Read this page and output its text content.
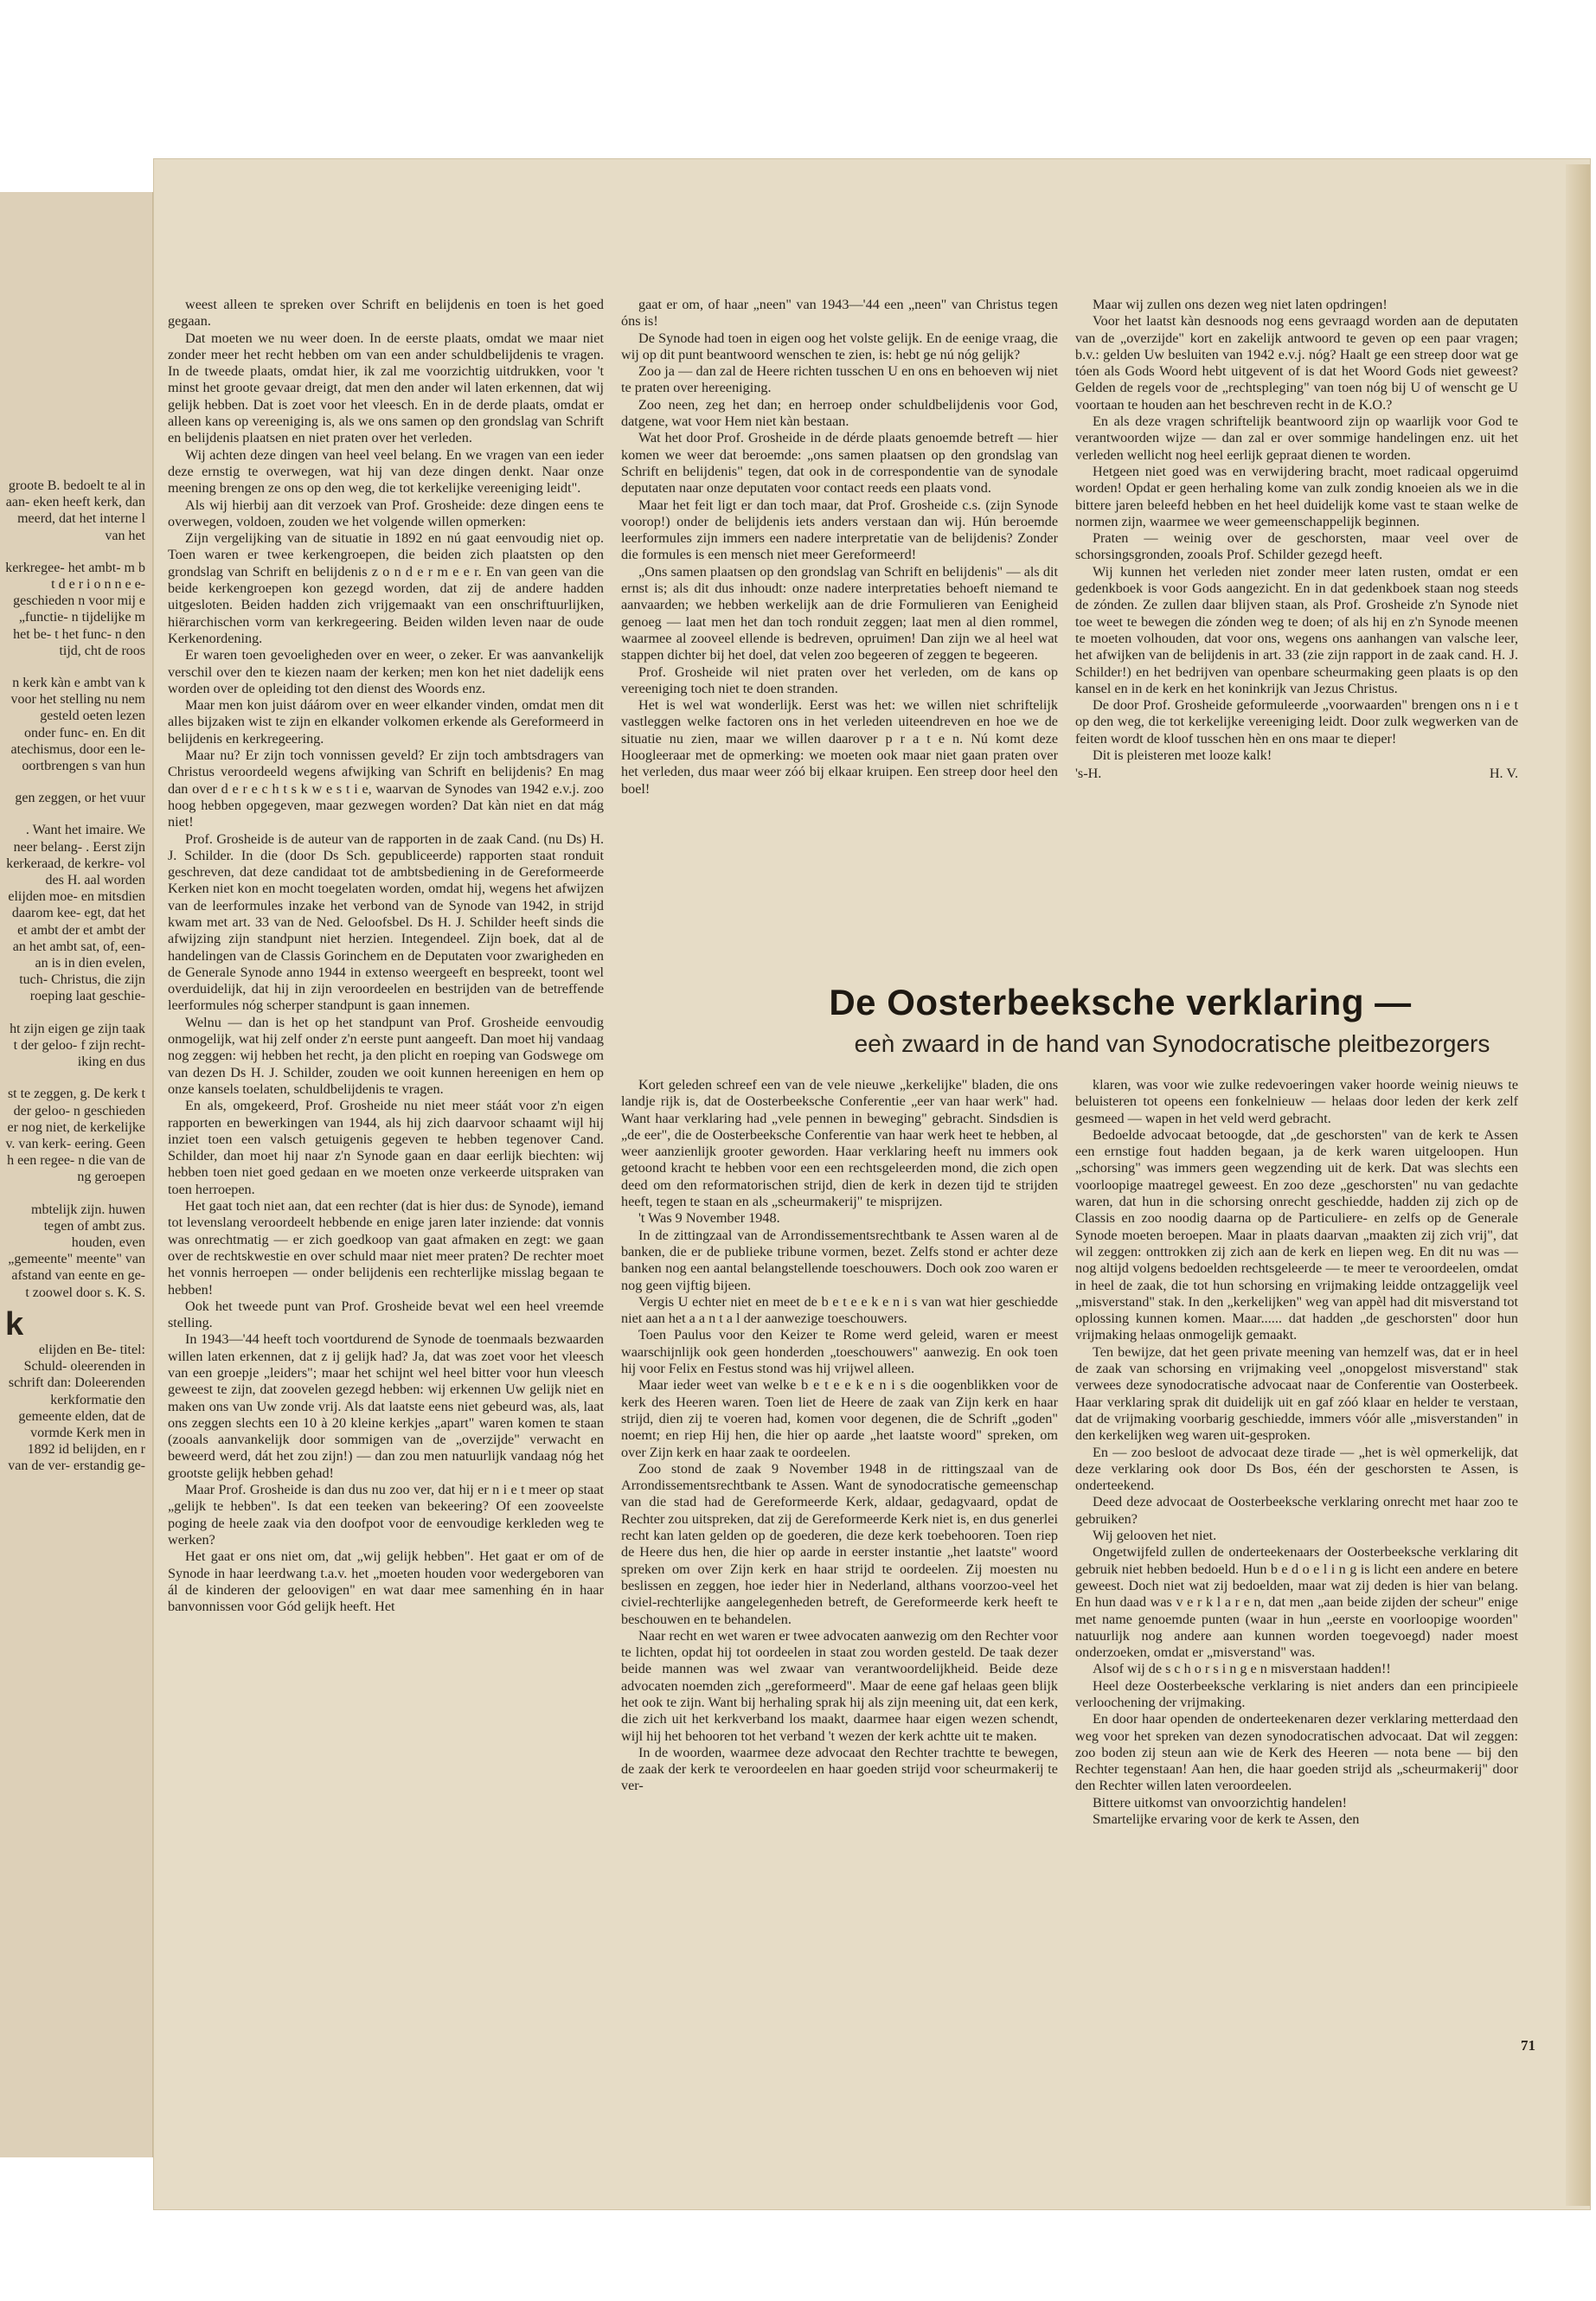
groote B. bedoelt te al in aan- eken heeft kerk, dan meerd, dat het interne l van het

kerkregee- het ambt- m b t d e r i o n n e e- geschieden n voor mij e „functie- n tijdelijke m het be- t het func- n den tijd, cht de roos

n kerk kàn e ambt van k voor het stelling nu nem gesteld oeten lezen onder func- en. En dit atechismus, door een le- oortbrengen s van hun

gen zeggen, or het vuur

. Want het imaire. We neer belang- . Eerst zijn kerkeraad, de kerkre- vol des H. aal worden elijden moe- en mitsdien daarom kee- egt, dat het et ambt der et ambt der an het ambt sat, of, een- an is in dien evelen, tuch- Christus, die zijn roeping laat geschie-

ht zijn eigen ge zijn taak t der geloo- f zijn recht- iking en dus

st te zeggen, g. De kerk t der geloo- n geschieden er nog niet, de kerkelijke v. van kerk- eering. Geen h een regee- n die van de ng geroepen

mbtelijk zijn. huwen tegen of ambt zus. houden, even „gemeente" meente" van afstand van eente en ge- t zoowel door s. K. S.

k

elijden en Be- titel: Schuld- oleerenden in schrift dan: Doleerenden kerkformatie den gemeente elden, dat de vormde Kerk men in 1892 id belijden, en r van de ver- erstandig ge-

weest alleen te spreken over Schrift en belijdenis en toen is het goed gegaan.

Dat moeten we nu weer doen. In de eerste plaats, omdat we maar niet zonder meer het recht hebben om van een ander schuldbelijdenis te vragen. In de tweede plaats, omdat hier, ik zal me voorzichtig uitdrukken, voor 't minst het groote gevaar dreigt, dat men den ander wil laten erkennen, dat wij gelijk hebben. Dat is zoet voor het vleesch. En in de derde plaats, omdat er alleen kans op vereeniging is, als we ons samen op den grondslag van Schrift en belijdenis plaatsen en niet praten over het verleden.

Wij achten deze dingen van heel veel belang. En we vragen van een ieder deze ernstig te overwegen, wat hij van deze dingen denkt. Naar onze meening brengen ze ons op den weg, die tot kerkelijke vereeniging leidt".

Als wij hierbij aan dit verzoek van Prof. Grosheide: deze dingen eens te overwegen, voldoen, zouden we het volgende willen opmerken:

Zijn vergelijking van de situatie in 1892 en nú gaat eenvoudig niet op. Toen waren er twee kerkengroepen, die beiden zich plaatsten op den grondslag van Schrift en belijdenis z o n d e r m e e r. En van geen van die beide kerkengroepen kon gezegd worden, dat zij de andere hadden uitgesloten. Beiden hadden zich vrijgemaakt van een onschriftuurlijken, hiërarchischen vorm van kerkregeering. Beiden wilden leven naar de oude Kerkenordening.

Er waren toen gevoeligheden over en weer, o zeker. Er was aanvankelijk verschil over den te kiezen naam der kerken; men kon het niet dadelijk eens worden over de opleiding tot den dienst des Woords enz.

Maar men kon juist dáárom over en weer elkander vinden, omdat men dit alles bijzaken wist te zijn en elkander volkomen erkende als Gereformeerd in belijdenis en kerkregeering.

Maar nu? Er zijn toch vonnissen geveld? Er zijn toch ambtsdragers van Christus veroordeeld wegens afwijking van Schrift en belijdenis? En mag dan over d e r e c h t s k w e s t i e, waarvan de Synodes van 1942 e.v.j. zoo hoog hebben opgegeven, maar gezwegen worden? Dat kàn niet en dat mág niet!

Prof. Grosheide is de auteur van de rapporten in de zaak Cand. (nu Ds) H. J. Schilder. In die (door Ds Sch. gepubliceerde) rapporten staat ronduit geschreven, dat deze candidaat tot de ambtsbediening in de Gereformeerde Kerken niet kon en mocht toegelaten worden, omdat hij, wegens het afwijzen van de leerformules inzake het verbond van de Synode van 1942, in strijd kwam met art. 33 van de Ned. Geloofsbel. Ds H. J. Schilder heeft sinds die afwijzing zijn standpunt niet herzien. Integendeel. Zijn boek, dat al de handelingen van de Classis Gorinchem en de Deputaten voor zwarigheden en de Generale Synode anno 1944 in extenso weergeeft en bespreekt, toont wel overduidelijk, dat hij in zijn veroordeelen en bestrijden van de betreffende leerformules nóg scherper standpunt is gaan innemen.

Welnu — dan is het op het standpunt van Prof. Grosheide eenvoudig onmogelijk, wat hij zelf onder z'n eerste punt aangeeft. Dan moet hij vandaag nog zeggen: wij hebben het recht, ja den plicht en roeping van Godswege om van dezen Ds H. J. Schilder, zouden we ooit kunnen hereenigen en hem op onze kansels toelaten, schuldbelijdenis te vragen.

En als, omgekeerd, Prof. Grosheide nu niet meer stáát voor z'n eigen rapporten en bewerkingen van 1944, als hij zich daarvoor schaamt wijl hij inziet toen een valsch getuigenis gegeven te hebben tegenover Cand. Schilder, dan moet hij naar z'n Synode gaan en daar eerlijk biechten: wij hebben toen niet goed gedaan en we moeten onze verkeerde uitspraken van toen herroepen.

Het gaat toch niet aan, dat een rechter (dat is hier dus: de Synode), iemand tot levenslang veroordeelt hebbende en enige jaren later inziende: dat vonnis was onrechtmatig — er zich goedkoop van gaat afmaken en zegt: we gaan over de rechtskwestie en over schuld maar niet meer praten? De rechter moet het vonnis herroepen — onder belijdenis een rechterlijke misslag begaan te hebben!

Ook het tweede punt van Prof. Grosheide bevat wel een heel vreemde stelling.

In 1943—'44 heeft toch voortdurend de Synode de toenmaals bezwaarden willen laten erkennen, dat z ij gelijk had? Ja, dat was zoet voor het vleesch van een groepje „leiders"; maar het schijnt wel heel bitter voor hun vleesch geweest te zijn, dat zoovelen gezegd hebben: wij erkennen Uw gelijk niet en maken ons van Uw zonde vrij. Als dat laatste eens niet gebeurd was, als, laat ons zeggen slechts een 10 à 20 kleine kerkjes „apart" waren komen te staan (zooals aanvankelijk door sommigen van de „overzijde" verwacht en beweerd werd, dát het zou zijn!) — dan zou men natuurlijk vandaag nóg het grootste gelijk hebben gehad!

Maar Prof. Grosheide is dan dus nu zoo ver, dat hij er n i e t meer op staat „gelijk te hebben". Is dat een teeken van bekeering? Of een zooveelste poging de heele zaak via den doofpot voor de eenvoudige kerkleden weg te werken?

Het gaat er ons niet om, dat „wij gelijk hebben". Het gaat er om of de Synode in haar leerdwang t.a.v. het „moeten houden voor wedergeboren van ál de kinderen der geloovigen" en wat daar mee samenhing én in haar banvonnissen voor Gód gelijk heeft. Het

gaat er om, of haar „neen" van 1943—'44 een „neen" van Christus tegen óns is!

De Synode had toen in eigen oog het volste gelijk. En de eenige vraag, die wij op dit punt beantwoord wenschen te zien, is: hebt ge nú nóg gelijk?

Zoo ja — dan zal de Heere richten tusschen U en ons en behoeven wij niet te praten over hereeniging.

Zoo neen, zeg het dan; en herroep onder schuldbelijdenis voor God, datgene, wat voor Hem niet kàn bestaan.

Wat het door Prof. Grosheide in de dérde plaats genoemde betreft — hier komen we weer dat beroemde: „ons samen plaatsen op den grondslag van Schrift en belijdenis" tegen, dat ook in de correspondentie van de synodale deputaten naar onze deputaten voor contact reeds een plaats vond.

Maar het feit ligt er dan toch maar, dat Prof. Grosheide c.s. (zijn Synode voorop!) onder de belijdenis iets anders verstaan dan wij. Hún beroemde leerformules zijn immers een nadere interpretatie van de belijdenis? Zonder die formules is een mensch niet meer Gereformeerd!

„Ons samen plaatsen op den grondslag van Schrift en belijdenis" — als dit ernst is; als dit dus inhoudt: onze nadere interpretaties behoeft niemand te aanvaarden; we hebben werkelijk aan de drie Formulieren van Eenigheid genoeg — laat men het dan toch ronduit zeggen; laat men al dien rommel, waarmee al zooveel ellende is bedreven, opruimen! Dan zijn we al heel wat stappen dichter bij het doel, dat velen zoo begeeren of zeggen te begeeren.

Prof. Grosheide wil niet praten over het verleden, om de kans op vereeniging toch niet te doen stranden.

Het is wel wat wonderlijk. Eerst was het: we willen niet schriftelijk vastleggen welke factoren ons in het verleden uiteendreven en hoe we de situatie nu zien, maar we willen daarover p r a t e n. Nú komt deze Hoogleeraar met de opmerking: we moeten ook maar niet gaan praten over het verleden, dus maar weer zóó bij elkaar kruipen. Een streep door heel den boel!

Maar wij zullen ons dezen weg niet laten opdringen!

Voor het laatst kàn desnoods nog eens gevraagd worden aan de deputaten van de „overzijde" kort en zakelijk antwoord te geven op een paar vragen; b.v.: gelden Uw besluiten van 1942 e.v.j. nóg? Haalt ge een streep door wat ge tóen als Gods Woord hebt uitgevent of is dat het Woord Gods niet geweest? Gelden de regels voor de „rechtspleging" van toen nóg bij U of wenscht ge U voortaan te houden aan het beschreven recht in de K.O.?

En als deze vragen schriftelijk beantwoord zijn op waarlijk voor God te verantwoorden wijze — dan zal er over sommige handelingen enz. uit het verleden wellicht nog heel eerlijk gepraat dienen te worden.

Hetgeen niet goed was en verwijdering bracht, moet radicaal opgeruimd worden! Opdat er geen herhaling kome van zulk zondig knoeien als we in die bittere jaren beleefd hebben en het heel duidelijk kome vast te staan welke de normen zijn, waarmee we weer gemeenschappelijk beginnen.

Praten — weinig over de geschorsten, maar veel over de schorsingsgronden, zooals Prof. Schilder gezegd heeft.

Wij kunnen het verleden niet zonder meer laten rusten, omdat er een gedenkboek is voor Gods aangezicht. En in dat gedenkboek staan nog steeds de zónden. Ze zullen daar blijven staan, als Prof. Grosheide z'n Synode niet toe weet te bewegen die zónden weg te doen; of als hij en z'n Synode meenen te moeten volhouden, dat voor ons, wegens ons aanhangen van valsche leer, het afwijken van de belijdenis in art. 33 (zie zijn rapport in de zaak cand. H. J. Schilder!) en het bedrijven van openbare scheurmaking geen plaats is op den kansel en in de kerk en het koninkrijk van Jezus Christus.

De door Prof. Grosheide geformuleerde „voorwaarden" brengen ons n i e t op den weg, die tot kerkelijke vereeniging leidt. Door zulk wegwerken van de feiten wordt de kloof tusschen hèn en ons maar te dieper!

Dit is pleisteren met looze kalk!

's-H.	H. V.
De Oosterbeeksche verklaring —
eeǹ zwaard in de hand van Synodocratische pleitbezorgers

Kort geleden schreef een van de vele nieuwe „kerkelijke" bladen, die ons landje rijk is, dat de Oosterbeeksche Conferentie „eer van haar werk" had. Want haar verklaring had „vele pennen in beweging" gebracht. Sindsdien is „de eer", die de Oosterbeeksche Conferentie van haar werk heet te hebben, al weer aanzienlijk grooter geworden. Haar verklaring heeft nu immers ook getoond kracht te hebben voor een een rechtsgeleerden mond, die zich open deed om den reformatorischen strijd, dien de kerk in dezen tijd te strijden heeft, tegen te staan en als „scheurmakerij" te misprijzen.

't Was 9 November 1948.

In de zittingzaal van de Arrondissementsrechtbank te Assen waren al de banken, die er de publieke tribune vormen, bezet. Zelfs stond er achter deze banken nog een aantal belangstellende toeschouwers. Doch ook zoo waren er nog geen vijftig bijeen.

Vergis U echter niet en meet de b e t e e k e n i s van wat hier geschiedde niet aan het a a n t a l der aanwezige toeschouwers.

Toen Paulus voor den Keizer te Rome werd geleid, waren er meest waarschijnlijk ook geen honderden „toeschouwers" aanwezig. En ook toen hij voor Felix en Festus stond was hij vrijwel alleen.

Maar ieder weet van welke b e t e e k e n i s die oogenblikken voor de kerk des Heeren waren. Toen liet de Heere de zaak van Zijn kerk en haar strijd, dien zij te voeren had, komen voor degenen, die de Schrift „goden" noemt; en riep Hij hen, die hier op aarde „het laatste woord" spreken, om over Zijn kerk en haar zaak te oordeelen.

Zoo stond de zaak 9 November 1948 in de rittingszaal van de Arrondissementsrechtbank te Assen. Want de synodocratische gemeenschap van die stad had de Gereformeerde Kerk, aldaar, gedagvaard, opdat de Rechter zou uitspreken, dat zij de Gereformeerde Kerk niet is, en dus generlei recht kan laten gelden op de goederen, die deze kerk toebehooren. Toen riep de Heere dus hen, die hier op aarde in eerster instantie „het laatste" woord spreken om over Zijn kerk en haar strijd te oordeelen. Zij moesten nu beslissen en zeggen, hoe ieder hier in Nederland, althans voorzoo-veel het civiel-rechterlijke aangelegenheden betreft, de Gereformeerde kerk heeft te beschouwen en te behandelen.

Naar recht en wet waren er twee advocaten aanwezig om den Rechter voor te lichten, opdat hij tot oordeelen in staat zou worden gesteld. De taak dezer beide mannen was wel zwaar van verantwoordelijkheid. Beide deze advocaten noemden zich „gereformeerd". Maar de eene gaf helaas geen blijk het ook te zijn. Want bij herhaling sprak hij als zijn meening uit, dat een kerk, die zich uit het kerkverband los maakt, daarmee haar eigen wezen schendt, wijl hij het behooren tot het verband 't wezen der kerk achtte uit te maken.

In de woorden, waarmee deze advocaat den Rechter trachtte te bewegen, de zaak der kerk te veroordeelen en haar goeden strijd voor scheurmakerij te ver-

klaren, was voor wie zulke redevoeringen vaker hoorde weinig nieuws te beluisteren tot opeens een fonkelnieuw — helaas door leden der kerk zelf gesmeed — wapen in het veld werd gebracht.

Bedoelde advocaat betoogde, dat „de geschorsten" van de kerk te Assen een ernstige fout hadden begaan, ja de kerk waren uitgeloopen. Hun „schorsing" was immers geen wegzending uit de kerk. Dat was slechts een voorloopige maatregel geweest. En zoo deze „geschorsten" nu van gedachte waren, dat hun in die schorsing onrecht geschiedde, hadden zij zich op de Classis en zoo noodig daarna op de Particuliere- en zelfs op de Generale Synode moeten beroepen. Maar in plaats daarvan „maakten zij zich vrij", dat wil zeggen: onttrokken zij zich aan de kerk en liepen weg. En dit nu was — nog altijd volgens bedoelden rechtsgeleerde — te meer te veroordeelen, omdat in heel de zaak, die tot hun schorsing en vrijmaking leidde ontzaggelijk veel „misverstand" stak. In den „kerkelijken" weg van appèl had dit misverstand tot oplossing kunnen komen. Maar...... dat hadden „de geschorsten" door hun vrijmaking helaas onmogelijk gemaakt.

Ten bewijze, dat het geen private meening van hemzelf was, dat er in heel de zaak van schorsing en vrijmaking veel „onopgelost misverstand" stak verwees deze synodocratische advocaat naar de Conferentie van Oosterbeek. Haar verklaring sprak dit duidelijk uit en gaf zóó klaar en helder te verstaan, dat de vrijmaking voorbarig geschiedde, immers vóór alle „misverstanden" in den kerkelijken weg waren uit-gesproken.

En — zoo besloot de advocaat deze tirade — „het is wèl opmerkelijk, dat deze verklaring ook door Ds Bos, één der geschorsten te Assen, is onderteekend.

Deed deze advocaat de Oosterbeeksche verklaring onrecht met haar zoo te gebruiken?

Wij gelooven het niet.

Ongetwijfeld zullen de onderteekenaars der Oosterbeeksche verklaring dit gebruik niet hebben bedoeld. Hun b e d o e l i n g is licht een andere en betere geweest. Doch niet wat zij bedoelden, maar wat zij deden is hier van belang. En hun daad was v e r k l a r e n, dat men „aan beide zijden der scheur" enige met name genoemde punten (waar in hun „eerste en voorloopige woorden" natuurlijk nog andere aan kunnen worden toegevoegd) nader moest onderzoeken, omdat er „misverstand" was.

Alsof wij de s c h o r s i n g e n misverstaan hadden!!

Heel deze Oosterbeeksche verklaring is niet anders dan een principieele verloochening der vrijmaking.

En door haar openden de onderteekenaren dezer verklaring metterdaad den weg voor het spreken van dezen synodocratischen advocaat. Dat wil zeggen: zoo boden zij steun aan wie de Kerk des Heeren — nota bene — bij den Rechter tegenstaan! Aan hen, die haar goeden strijd als „scheurmakerij" door den Rechter willen laten veroordeelen.

Bittere uitkomst van onvoorzichtig handelen!

Smartelijke ervaring voor de kerk te Assen, den

71
